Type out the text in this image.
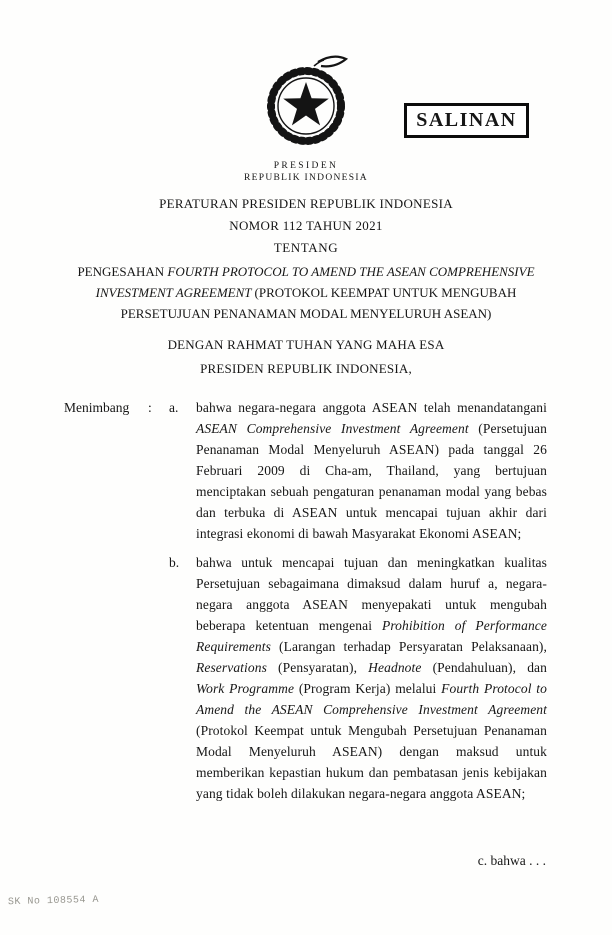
SALINAN
PRESIDEN
REPUBLIK INDONESIA
PERATURAN PRESIDEN REPUBLIK INDONESIA
NOMOR 112 TAHUN 2021
TENTANG
PENGESAHAN FOURTH PROTOCOL TO AMEND THE ASEAN COMPREHENSIVE
INVESTMENT AGREEMENT (PROTOKOL KEEMPAT UNTUK MENGUBAH
PERSETUJUAN PENANAMAN MODAL MENYELURUH ASEAN)
DENGAN RAHMAT TUHAN YANG MAHA ESA
PRESIDEN REPUBLIK INDONESIA,
Menimbang	:	a.	bahwa negara-negara anggota ASEAN telah menandatangani ASEAN Comprehensive Investment Agreement (Persetujuan Penanaman Modal Menyeluruh ASEAN) pada tanggal 26 Februari 2009 di Cha-am, Thailand, yang bertujuan menciptakan sebuah pengaturan penanaman modal yang bebas dan terbuka di ASEAN untuk mencapai tujuan akhir dari integrasi ekonomi di bawah Masyarakat Ekonomi ASEAN;
b.	bahwa untuk mencapai tujuan dan meningkatkan kualitas Persetujuan sebagaimana dimaksud dalam huruf a, negara-negara anggota ASEAN menyepakati untuk mengubah beberapa ketentuan mengenai Prohibition of Performance Requirements (Larangan terhadap Persyaratan Pelaksanaan), Reservations (Pensyaratan), Headnote (Pendahuluan), dan Work Programme (Program Kerja) melalui Fourth Protocol to Amend the ASEAN Comprehensive Investment Agreement (Protokol Keempat untuk Mengubah Persetujuan Penanaman Modal Menyeluruh ASEAN) dengan maksud untuk memberikan kepastian hukum dan pembatasan jenis kebijakan yang tidak boleh dilakukan negara-negara anggota ASEAN;
c. bahwa . . .
SK No 108554 A
